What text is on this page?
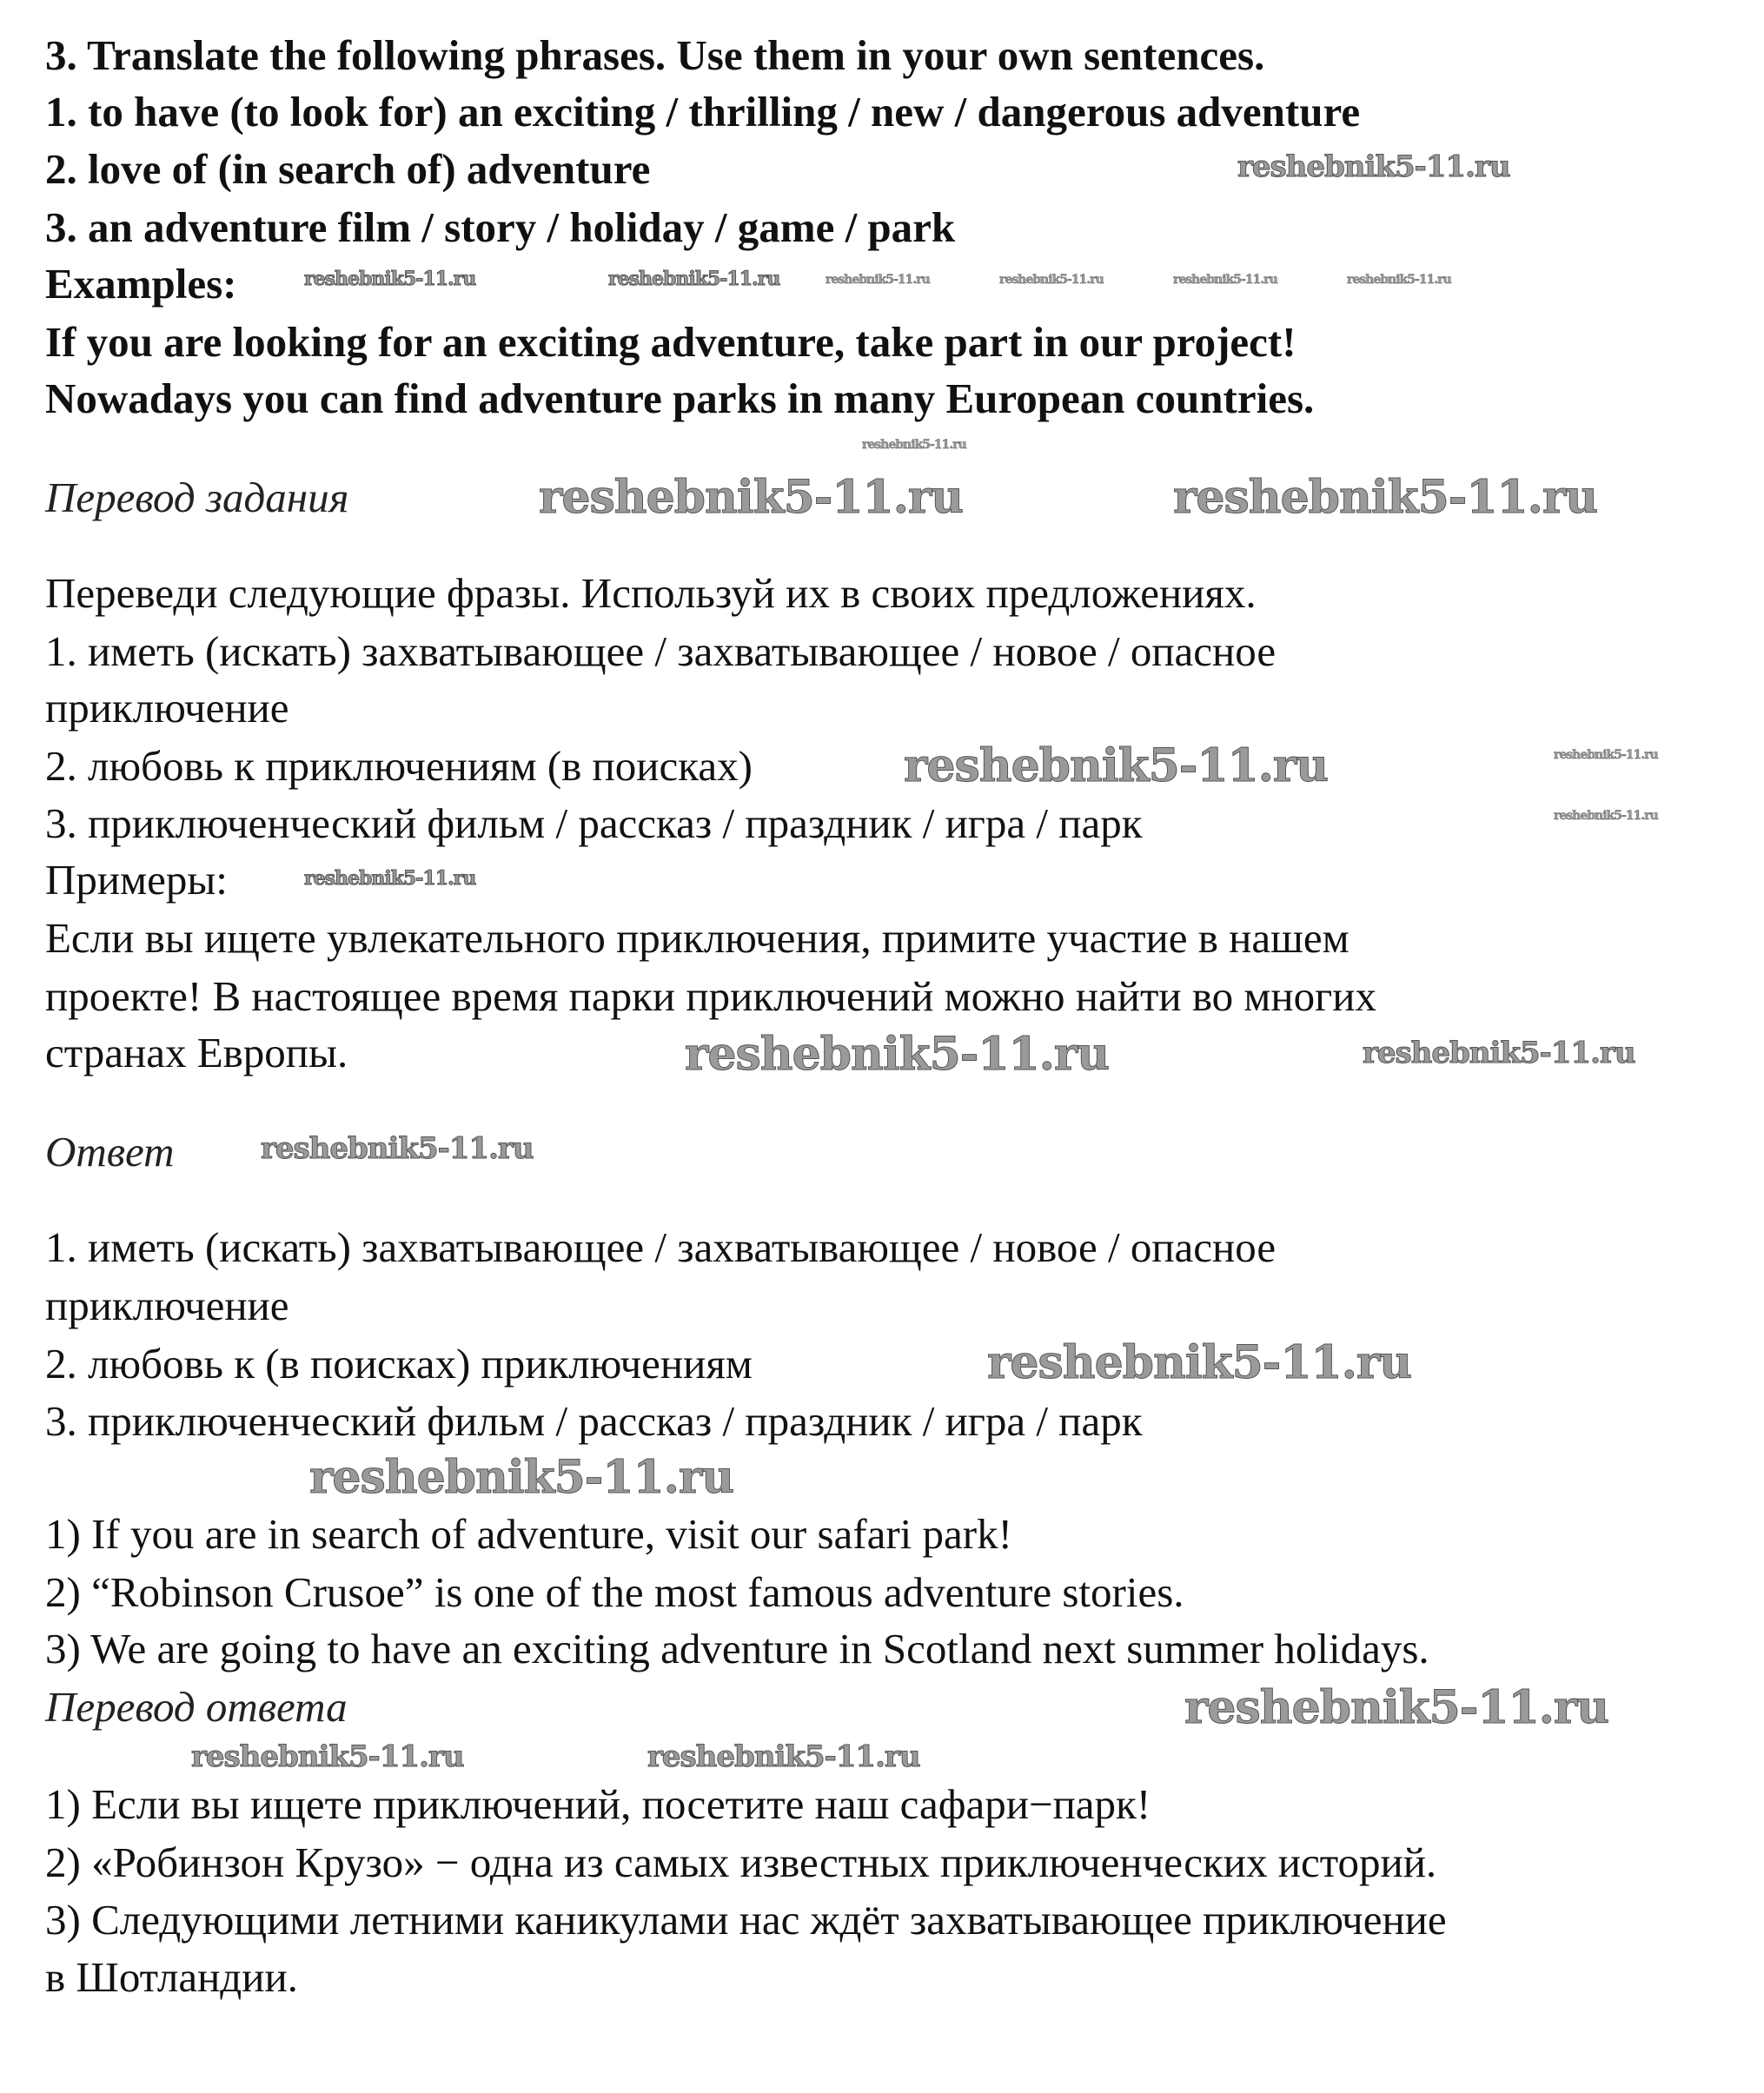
3. Translate the following phrases. Use them in your own sentences.
1. to have (to look for) an exciting / thrilling / new / dangerous adventure
2. love of (in search of) adventure
3. an adventure film / story / holiday / game / park
Examples:
If you are looking for an exciting adventure, take part in our project!
Nowadays you can find adventure parks in many European countries.
Перевод задания
Переведи следующие фразы. Используй их в своих предложениях.
1. иметь (искать) захватывающее / захватывающее / новое / опасное
приключение
2. любовь к приключениям (в поисках)
3. приключенческий фильм / рассказ / праздник / игра / парк
Примеры:
Если вы ищете увлекательного приключения, примите участие в нашем
проекте! В настоящее время парки приключений можно найти во многих
странах Европы.
Ответ
1. иметь (искать) захватывающее / захватывающее / новое / опасное
приключение
2. любовь к (в поисках) приключениям
3. приключенческий фильм / рассказ / праздник / игра / парк
1) If you are in search of adventure, visit our safari park!
2) “Robinson Crusoe” is one of the most famous adventure stories.
3) We are going to have an exciting adventure in Scotland next summer holidays.
Перевод ответа
1) Если вы ищете приключений, посетите наш сафари−парк!
2) «Робинзон Крузо» − одна из самых известных приключенческих историй.
3) Следующими летними каникулами нас ждёт захватывающее приключение
в Шотландии.
reshebnik5-11.ru
reshebnik5-11.ru
reshebnik5-11.ru
reshebnik5-11.ru
reshebnik5-11.ru
reshebnik5-11.ru
reshebnik5-11.ru
reshebnik5-11.ru
reshebnik5-11.ru
reshebnik5-11.ru
reshebnik5-11.ru	reshebnik5-11.ru
reshebnik5-11.ru
reshebnik5-11.ru	reshebnik5-11.ru	reshebnik5-11.ru	reshebnik5-11.ru	reshebnik5-11.ru	reshebnik5-11.ru
reshebnik5-11.ru
reshebnik5-11.ru
reshebnik5-11.ru
